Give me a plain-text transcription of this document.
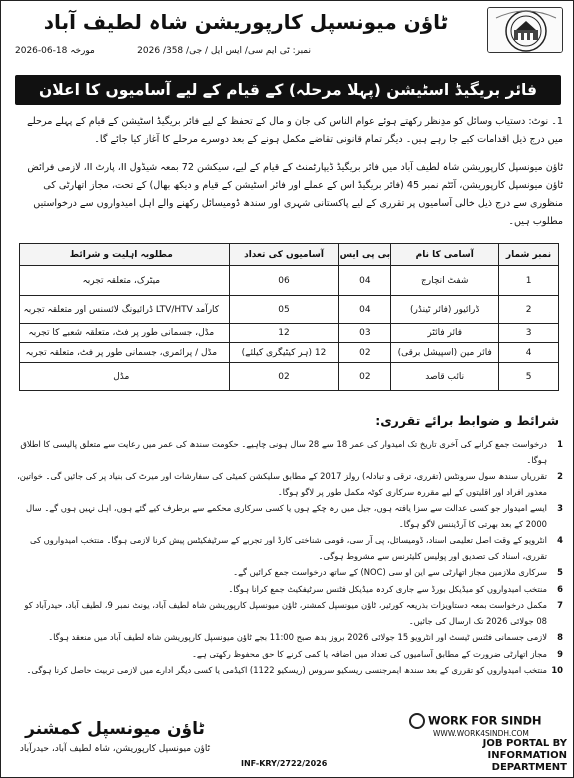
ٹاؤن میونسپل کارپوریشن شاہ لطیف آباد
نمبر: ٹی ایم سی/ ایس ایل / جی/ 358/ 2026
مورخہ 18-06-2026
فائر بریگیڈ اسٹیشن (پہلا مرحلہ) کے قیام کے لیے آسامیوں کا اعلان

1۔ نوٹ: دستیاب وسائل کو مدِنظر رکھتے ہوئے عوام الناس کی جان و مال کے تحفظ کے لیے فائر بریگیڈ اسٹیشن کے قیام کے پہلے مرحلے میں درج ذیل اقدامات کیے جا رہے ہیں۔ دیگر تمام قانونی تقاضے مکمل ہونے کے بعد دوسرے مرحلے کا آغاز کیا جائے گا۔

ٹاؤن میونسپل کارپوریشن شاہ لطیف آباد میں فائر بریگیڈ ڈیپارٹمنٹ کے قیام کے لیے، سیکشن 72 بمعہ شیڈول II، پارٹ II، لازمی فرائض ٹاؤن میونسپل کارپوریشن، آئٹم نمبر 45 (فائر بریگیڈ اس کے عملے اور فائر اسٹیشن کے قیام و دیکھ بھال) کے تحت، مجاز اتھارٹی کی منظوری سے درج ذیل خالی آسامیوں پر تقرری کے لیے پاکستانی شہری اور سندھ ڈومیسائل رکھنے والے اہل امیدواروں سے درخواستیں مطلوب ہیں۔

نمبر شمار	آسامی کا نام	بی پی ایس	آسامیوں کی تعداد	مطلوبہ اہلیت و شرائط
1	شفٹ انچارج	04	06	میٹرک، متعلقہ تجربہ
2	ڈرائیور (فائر ٹینڈر)	04	05	کارآمد LTV/HTV ڈرائیونگ لائسنس اور متعلقہ تجربہ
3	فائر فائٹر	03	12	مڈل، جسمانی طور پر فٹ، متعلقہ شعبے کا تجربہ
4	فائر مین (اسپیشل برقی)	02	12 (ہر کیٹیگری کیلئے)	مڈل / پرائمری، جسمانی طور پر فٹ، متعلقہ تجربہ
5	نائب قاصد	02	02	مڈل
شرائط و ضوابط برائے تقرری:
1
درخواست جمع کرانے کی آخری تاریخ تک امیدوار کی عمر 18 سے 28 سال ہونی چاہیے۔ حکومت سندھ کی عمر میں رعایت سے متعلق پالیسی کا اطلاق ہوگا۔
2
تقرریاں سندھ سول سرونٹس (تقرری، ترقی و تبادلہ) رولز 2017 کے مطابق سلیکشن کمیٹی کی سفارشات اور میرٹ کی بنیاد پر کی جائیں گی۔ خواتین، معذور افراد اور اقلیتوں کے لیے مقررہ سرکاری کوٹہ مکمل طور پر لاگو ہوگا۔
3
ایسے امیدوار جو کسی عدالت سے سزا یافتہ ہوں، جیل میں رہ چکے ہوں یا کسی سرکاری محکمے سے برطرف کیے گئے ہوں، اہل نہیں ہوں گے۔ سال 2000 کے بعد بھرتی کا آرڈیننس لاگو ہوگا۔
4
انٹرویو کے وقت اصل تعلیمی اسناد، ڈومیسائل، پی آر سی، قومی شناختی کارڈ اور تجربے کے سرٹیفکیٹس پیش کرنا لازمی ہوگا۔ منتخب امیدواروں کی تقرری، اسناد کی تصدیق اور پولیس کلیئرنس سے مشروط ہوگی۔
5
سرکاری ملازمین مجاز اتھارٹی سے این او سی (NOC) کے ساتھ درخواست جمع کرائیں گے۔
6
منتخب امیدواروں کو میڈیکل بورڈ سے جاری کردہ میڈیکل فٹنس سرٹیفکیٹ جمع کرانا ہوگا۔
7
مکمل درخواست بمعہ دستاویزات بذریعہ کورئیر، ٹاؤن میونسپل کمشنر، ٹاؤن میونسپل کارپوریشن شاہ لطیف آباد، یونٹ نمبر 9، لطیف آباد، حیدرآباد کو 08 جولائی 2026 تک ارسال کی جائیں۔
8
لازمی جسمانی فٹنس ٹیسٹ اور انٹرویو 15 جولائی 2026 بروز بدھ صبح 11:00 بجے ٹاؤن میونسپل کارپوریشن شاہ لطیف آباد میں منعقد ہوگا۔
9
مجاز اتھارٹی ضرورت کے مطابق آسامیوں کی تعداد میں اضافہ یا کمی کرنے کا حق محفوظ رکھتی ہے۔
10
منتخب امیدواروں کو تقرری کے بعد سندھ ایمرجنسی ریسکیو سروس (ریسکیو 1122) اکیڈمی یا کسی دیگر ادارے میں لازمی تربیت حاصل کرنا ہوگی۔
ٹاؤن میونسپل کمشنر
ٹاؤن میونسپل کارپوریشن، شاہ لطیف آباد، حیدرآباد
INF-KRY/2722/2026
WORK FOR SINDH
WWW.WORK4SINDH.COM
JOB PORTAL BY
INFORMATION DEPARTMENT
